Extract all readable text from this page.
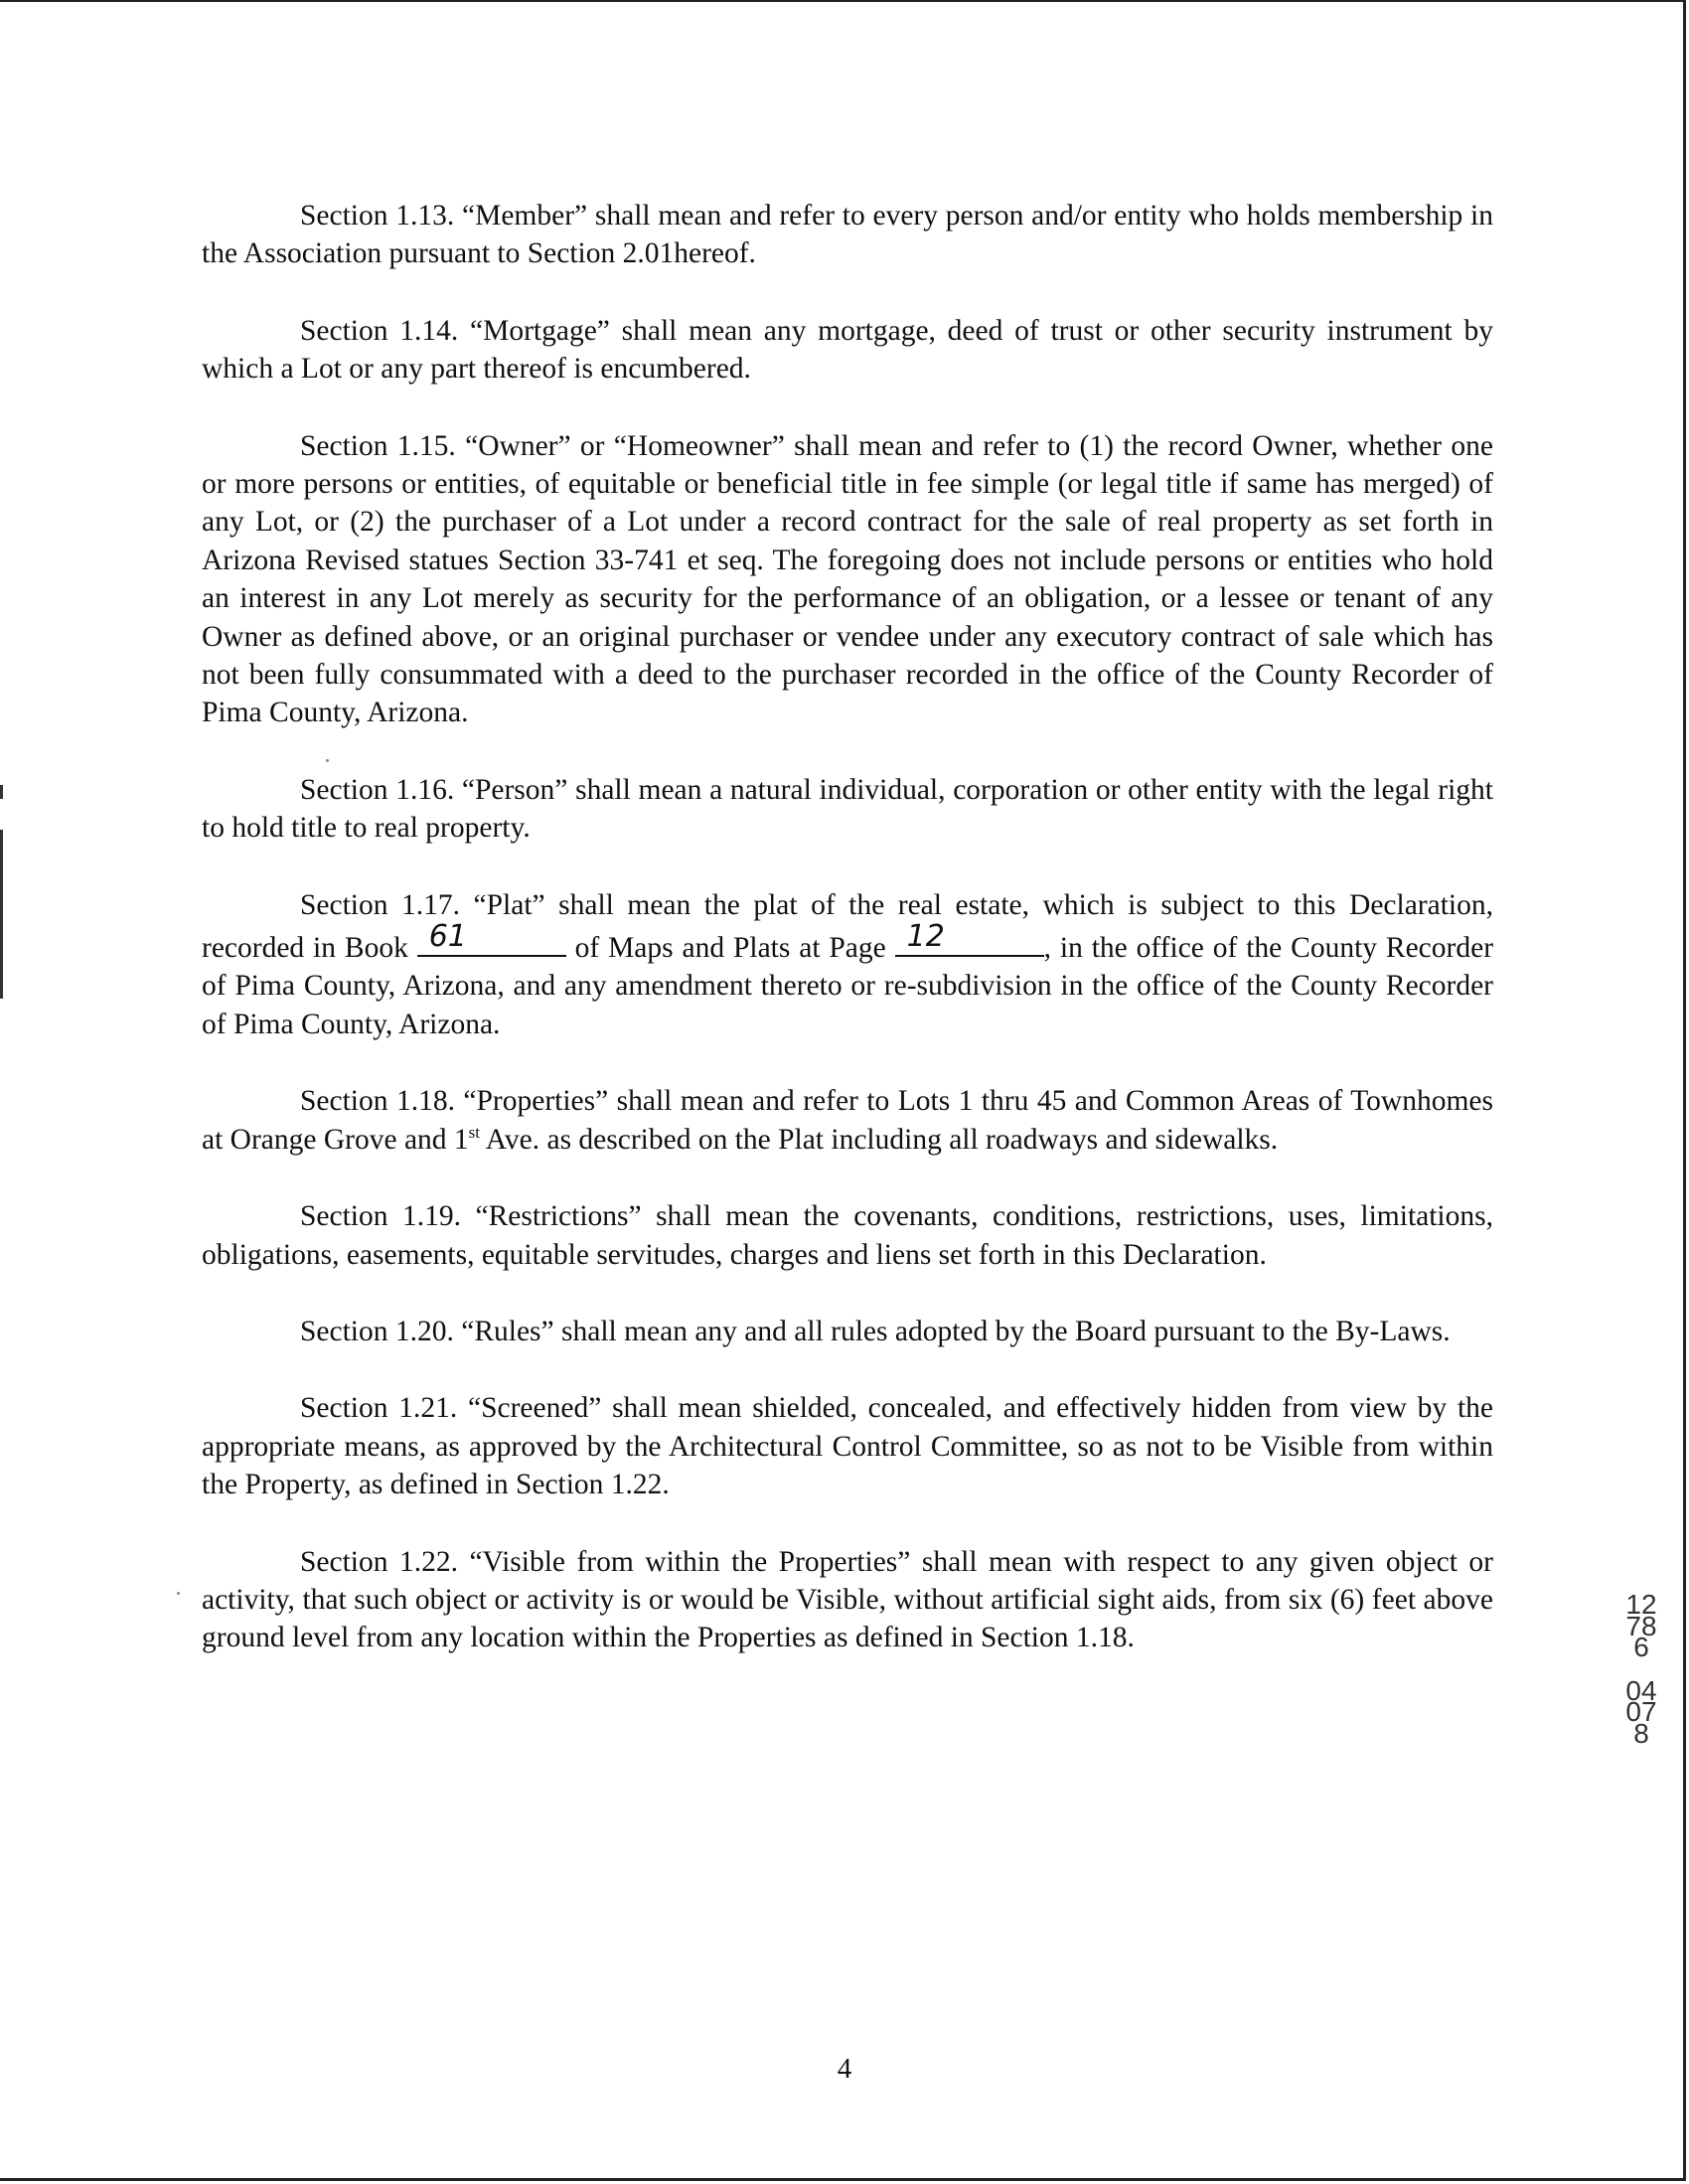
Section 1.13. “Member” shall mean and refer to every person and/or entity who holds membership in the Association pursuant to Section 2.01hereof.

Section 1.14. “Mortgage” shall mean any mortgage, deed of trust or other security instrument by which a Lot or any part thereof is encumbered.

Section 1.15. “Owner” or “Homeowner” shall mean and refer to (1) the record Owner, whether one or more persons or entities, of equitable or beneficial title in fee simple (or legal title if same has merged) of any Lot, or (2) the purchaser of a Lot under a record contract for the sale of real property as set forth in Arizona Revised statues Section 33-741 et seq. The foregoing does not include persons or entities who hold an interest in any Lot merely as security for the performance of an obligation, or a lessee or tenant of any Owner as defined above, or an original purchaser or vendee under any executory contract of sale which has not been fully consummated with a deed to the purchaser recorded in the office of the County Recorder of Pima County, Arizona.

Section 1.16. “Person” shall mean a natural individual, corporation or other entity with the legal right to hold title to real property.

Section 1.17. “Plat” shall mean the plat of the real estate, which is subject to this Declaration, recorded in Book 61	of Maps and Plats at Page 12	, in the office of the County Recorder of Pima County, Arizona, and any amendment thereto or re-subdivision in the office of the County Recorder of Pima County, Arizona.

Section 1.18. “Properties” shall mean and refer to Lots 1 thru 45 and Common Areas of Townhomes at Orange Grove and 1st Ave. as described on the Plat including all roadways and sidewalks.

Section 1.19. “Restrictions” shall mean the covenants, conditions, restrictions, uses, limitations, obligations, easements, equitable servitudes, charges and liens set forth in this Declaration.

Section 1.20. “Rules” shall mean any and all rules adopted by the Board pursuant to the By-Laws.

Section 1.21. “Screened” shall mean shielded, concealed, and effectively hidden from view by the appropriate means, as approved by the Architectural Control Committee, so as not to be Visible from within the Property, as defined in Section 1.22.

Section 1.22. “Visible from within the Properties” shall mean with respect to any given object or activity, that such object or activity is or would be Visible, without artificial sight aids, from six (6) feet above ground level from any location within the Properties as defined in Section 1.18.

12786
04078
4
